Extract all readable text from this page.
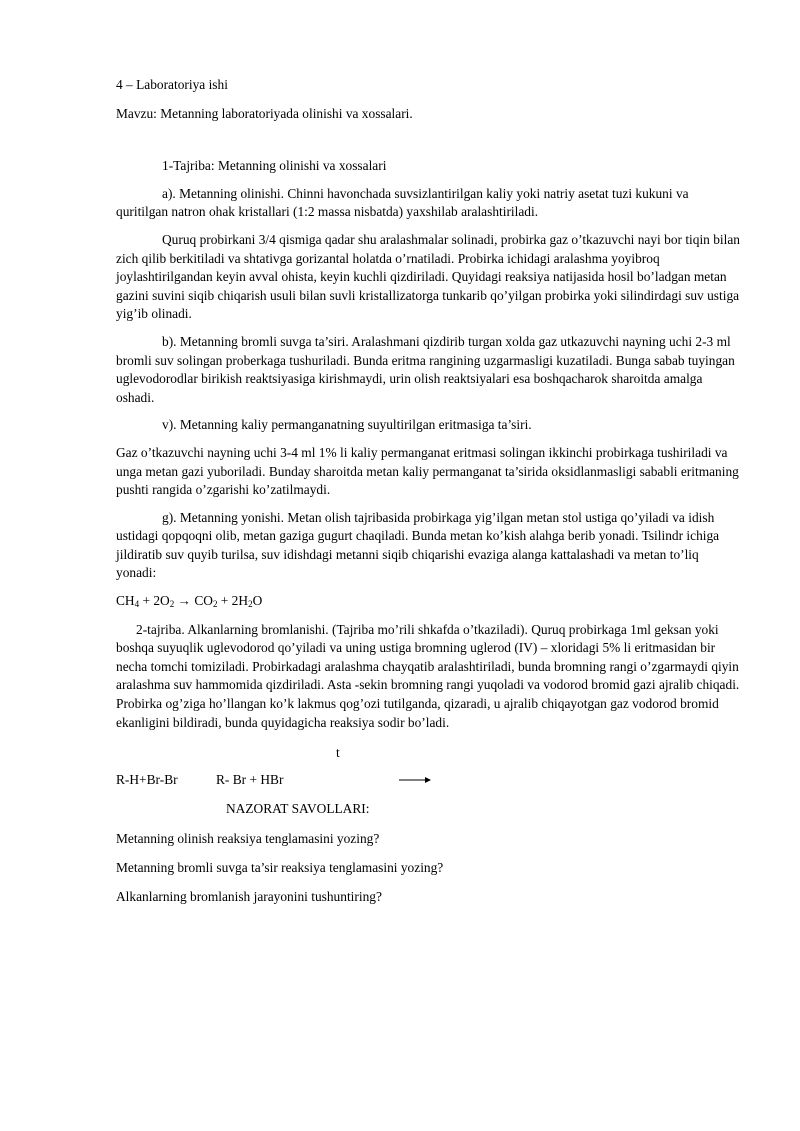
4 – Laboratoriya ishi

Mavzu: Metanning laboratoriyada olinishi va xossalari.

1-Tajriba: Metanning olinishi va xossalari

a). Metanning olinishi. Chinni havonchada suvsizlantirilgan kaliy yoki natriy asetat tuzi kukuni va quritilgan natron ohak kristallari (1:2 massa nisbatda) yaxshilab aralashtiriladi.

Quruq probirkani 3/4 qismiga qadar shu aralashmalar solinadi, probirka gaz o’tkazuvchi nayi bor tiqin bilan zich qilib berkitiladi va shtativga gorizantal holatda o’rnatiladi. Probirka ichidagi aralashma yoyibroq joylashtirilgandan keyin avval ohista, keyin kuchli qizdiriladi. Quyidagi reaksiya natijasida hosil bo’ladgan metan gazini suvini siqib chiqarish usuli bilan suvli kristallizatorga tunkarib qo’yilgan probirka yoki silindirdagi suv ustiga yig’ib olinadi.

b). Metanning bromli suvga ta’siri. Aralashmani qizdirib turgan xolda gaz utkazuvchi nayning uchi 2-3 ml bromli suv solingan proberkaga tushuriladi. Bunda eritma rangining uzgarmasligi kuzatiladi. Bunga sabab tuyingan uglevodorodlar birikish reaktsiyasiga kirishmaydi, urin olish reaktsiyalari esa boshqacharok sharoitda amalga oshadi.

v). Metanning kaliy permanganatning suyultirilgan eritmasiga ta’siri.

Gaz o’tkazuvchi nayning uchi 3-4 ml 1% li kaliy permanganat eritmasi solingan ikkinchi probirkaga tushiriladi va unga metan gazi yuboriladi. Bunday sharoitda metan kaliy permanganat ta’sirida oksidlanmasligi sababli eritmaning pushti rangida o’zgarishi ko’zatilmaydi.

g). Metanning yonishi. Metan olish tajribasida probirkaga yig’ilgan metan stol ustiga qo’yiladi va idish ustidagi qopqoqni olib, metan gaziga gugurt chaqiladi. Bunda metan ko’kish alahga berib yonadi. Tsilindr ichiga jildiratib suv quyib turilsa, suv idishdagi metanni siqib chiqarishi evaziga alanga kattalashadi va metan to’liq yonadi:

$CH_4 + 2O_2 \to CO_2 + 2H_2O$

2-tajriba. Alkanlarning bromlanishi. (Tajriba mo’rili shkafda o’tkaziladi). Quruq probirkaga 1ml geksan yoki boshqa suyuqlik uglevodorod qo’yiladi va uning ustiga bromning uglerod (IV) – xloridagi 5% li eritmasidan bir necha tomchi tomiziladi. Probirkadagi aralashma chayqatib aralashtiriladi, bunda bromning rangi o’zgarmaydi qiyin aralashma suv hammomida qizdiriladi. Asta -sekin bromning rangi yuqoladi va vodorod bromid gazi ajralib chiqadi. Probirka og’ziga ho’llangan ko’k lakmus qog’ozi tutilganda, qizaradi, u ajralib chiqayotgan gaz vodorod bromid ekanligini bildiradi, bunda quyidagicha reaksiya sodir bo’ladi.

t

R-H+Br-Br	R- Br + HBr

NAZORAT SAVOLLARI:

Metanning olinish reaksiya tenglamasini yozing?

Metanning bromli suvga ta’sir reaksiya tenglamasini yozing?

Alkanlarning bromlanish jarayonini tushuntiring?
